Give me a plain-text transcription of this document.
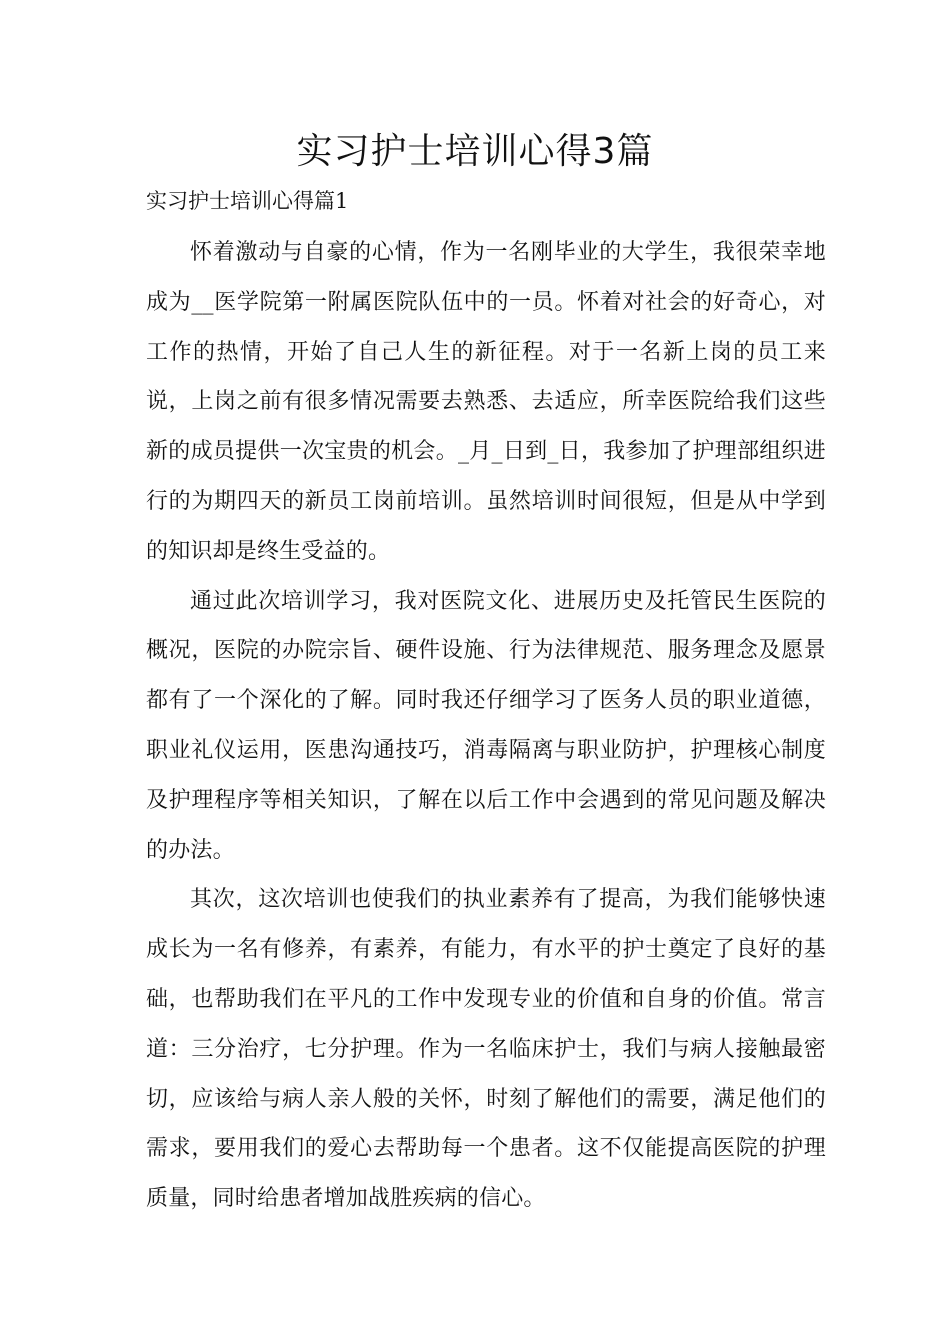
实习护士培训心得3篇

实习护士培训心得篇1

怀着激动与自豪的心情，作为一名刚毕业的大学生，我很荣幸地成为__医学院第一附属医院队伍中的一员。怀着对社会的好奇心，对工作的热情，开始了自己人生的新征程。对于一名新上岗的员工来说，上岗之前有很多情况需要去熟悉、去适应，所幸医院给我们这些新的成员提供一次宝贵的机会。_月_日到_日，我参加了护理部组织进行的为期四天的新员工岗前培训。虽然培训时间很短，但是从中学到的知识却是终生受益的。

通过此次培训学习，我对医院文化、进展历史及托管民生医院的概况，医院的办院宗旨、硬件设施、行为法律规范、服务理念及愿景都有了一个深化的了解。同时我还仔细学习了医务人员的职业道德，职业礼仪运用，医患沟通技巧，消毒隔离与职业防护，护理核心制度及护理程序等相关知识，了解在以后工作中会遇到的常见问题及解决的办法。

其次，这次培训也使我们的执业素养有了提高，为我们能够快速成长为一名有修养，有素养，有能力，有水平的护士奠定了良好的基础，也帮助我们在平凡的工作中发现专业的价值和自身的价值。常言道：三分治疗，七分护理。作为一名临床护士，我们与病人接触最密切，应该给与病人亲人般的关怀，时刻了解他们的需要，满足他们的需求，要用我们的爱心去帮助每一个患者。这不仅能提高医院的护理质量，同时给患者增加战胜疾病的信心。
